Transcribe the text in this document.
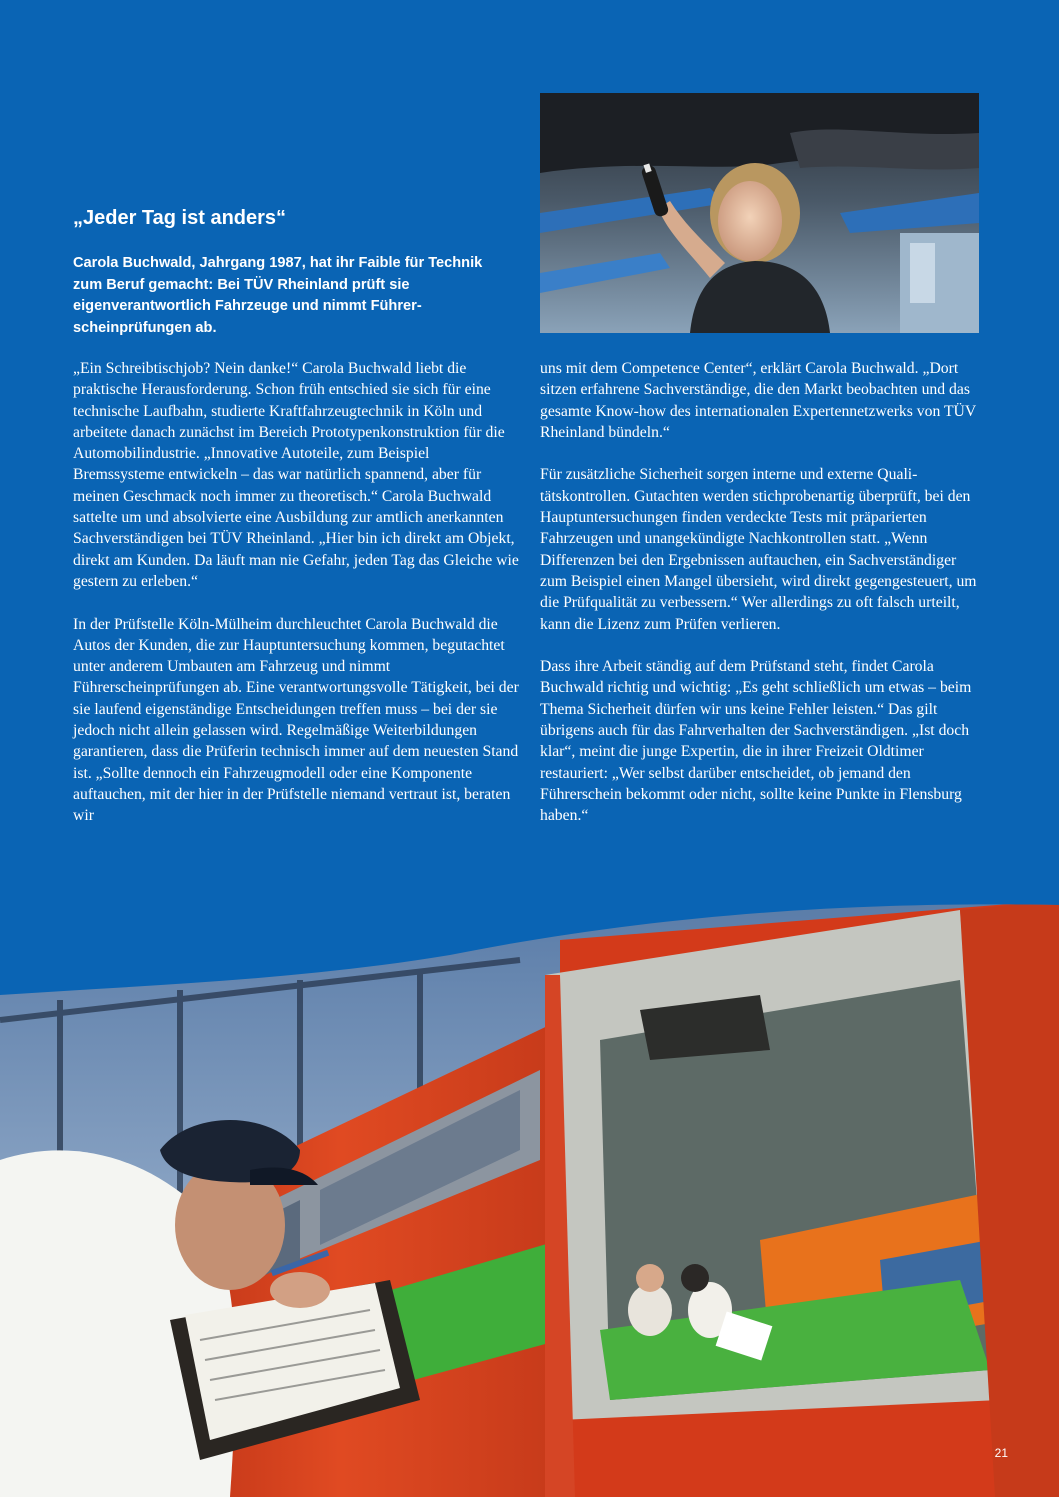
„Jeder Tag ist anders“

Carola Buchwald, Jahrgang 1987, hat ihr Faible für Technik zum Beruf gemacht: Bei TÜV Rheinland prüft sie eigenverantwortlich Fahrzeuge und nimmt Führerscheinprüfungen ab.

„Ein Schreibtischjob? Nein danke!“ Carola Buchwald liebt die praktische Herausforderung. Schon früh entschied sie sich für eine technische Laufbahn, studierte Kraftfahrzeugtechnik in Köln und arbeitete danach zunächst im Bereich Prototypenkonstruktion für die Automobilindustrie. „Innovative Autoteile, zum Beispiel Bremssysteme entwickeln – das war natürlich spannend, aber für meinen Geschmack noch immer zu theoretisch.“ Carola Buchwald sattelte um und absolvierte eine Ausbildung zur amtlich anerkannten Sachverständigen bei TÜV Rheinland. „Hier bin ich direkt am Objekt, direkt am Kunden. Da läuft man nie Gefahr, jeden Tag das Gleiche wie gestern zu erleben.“

In der Prüfstelle Köln-Mülheim durchleuchtet Carola Buchwald die Autos der Kunden, die zur Hauptuntersuchung kommen, begutachtet unter anderem Umbauten am Fahrzeug und nimmt Führerscheinprüfungen ab. Eine verantwortungsvolle Tätigkeit, bei der sie laufend eigenständige Entscheidungen treffen muss – bei der sie jedoch nicht allein gelassen wird. Regelmäßige Weiterbildungen garantieren, dass die Prüferin technisch immer auf dem neuesten Stand ist. „Sollte dennoch ein Fahrzeugmodell oder eine Komponente auftauchen, mit der hier in der Prüfstelle niemand vertraut ist, beraten wir

uns mit dem Competence Center“, erklärt Carola Buchwald. „Dort sitzen erfahrene Sachverständige, die den Markt beobachten und das gesamte Know-how des internationalen Expertennetzwerks von TÜV Rheinland bündeln.“

Für zusätzliche Sicherheit sorgen interne und externe Qualitätskontrollen. Gutachten werden stichprobenartig überprüft, bei den Hauptuntersuchungen finden verdeckte Tests mit präparierten Fahrzeugen und unangekündigte Nachkontrollen statt. „Wenn Differenzen bei den Ergebnissen auftauchen, ein Sachverständiger zum Beispiel einen Mangel übersieht, wird direkt gegengesteuert, um die Prüfqualität zu verbessern.“ Wer allerdings zu oft falsch urteilt, kann die Lizenz zum Prüfen verlieren.

Dass ihre Arbeit ständig auf dem Prüfstand steht, findet Carola Buchwald richtig und wichtig: „Es geht schließlich um etwas – beim Thema Sicherheit dürfen wir uns keine Fehler leisten.“ Das gilt übrigens auch für das Fahrverhalten der Sachverständigen. „Ist doch klar“, meint die junge Expertin, die in ihrer Freizeit Oldtimer restauriert: „Wer selbst darüber entscheidet, ob jemand den Führerschein bekommt oder nicht, sollte keine Punkte in Flensburg haben.“

21
